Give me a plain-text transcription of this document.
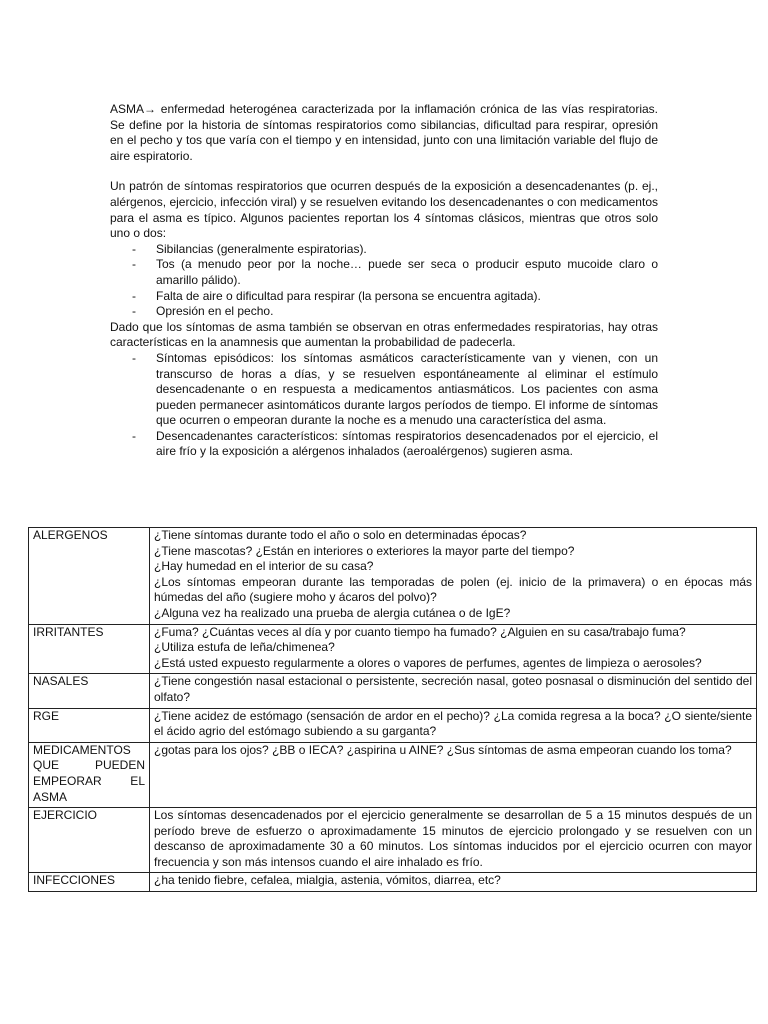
ASMA→ enfermedad heterogénea caracterizada por la inflamación crónica de las vías respiratorias. Se define por la historia de síntomas respiratorios como sibilancias, dificultad para respirar, opresión en el pecho y tos que varía con el tiempo y en intensidad, junto con una limitación variable del flujo de aire espiratorio.

Un patrón de síntomas respiratorios que ocurren después de la exposición a desencadenantes (p. ej., alérgenos, ejercicio, infección viral) y se resuelven evitando los desencadenantes o con medicamentos para el asma es típico. Algunos pacientes reportan los 4 síntomas clásicos, mientras que otros solo uno o dos:

- Sibilancias (generalmente espiratorias).
- Tos (a menudo peor por la noche… puede ser seca o producir esputo mucoide claro o amarillo pálido).
- Falta de aire o dificultad para respirar (la persona se encuentra agitada).
- Opresión en el pecho.

Dado que los síntomas de asma también se observan en otras enfermedades respiratorias, hay otras características en la anamnesis que aumentan la probabilidad de padecerla.

- Síntomas episódicos: los síntomas asmáticos característicamente van y vienen, con un transcurso de horas a días, y se resuelven espontáneamente al eliminar el estímulo desencadenante o en respuesta a medicamentos antiasmáticos. Los pacientes con asma pueden permanecer asintomáticos durante largos períodos de tiempo. El informe de síntomas que ocurren o empeoran durante la noche es a menudo una característica del asma.
- Desencadenantes característicos: síntomas respiratorios desencadenados por el ejercicio, el aire frío y la exposición a alérgenos inhalados (aeroalérgenos) sugieren asma.
ALERGENOS	¿Tiene síntomas durante todo el año o solo en determinadas épocas?
¿Tiene mascotas? ¿Están en interiores o exteriores la mayor parte del tiempo?
¿Hay humedad en el interior de su casa?
¿Los síntomas empeoran durante las temporadas de polen (ej. inicio de la primavera) o en épocas más húmedas del año (sugiere moho y ácaros del polvo)?
¿Alguna vez ha realizado una prueba de alergia cutánea o de IgE?

IRRITANTES	¿Fuma? ¿Cuántas veces al día y por cuanto tiempo ha fumado? ¿Alguien en su casa/trabajo fuma?
¿Utiliza estufa de leña/chimenea?
¿Está usted expuesto regularmente a olores o vapores de perfumes, agentes de limpieza o aerosoles?

NASALES	¿Tiene congestión nasal estacional o persistente, secreción nasal, goteo posnasal o disminución del sentido del olfato?

RGE	¿Tiene acidez de estómago (sensación de ardor en el pecho)? ¿La comida regresa a la boca? ¿O siente/siente el ácido agrio del estómago subiendo a su garganta?

MEDICAMENTOS QUE PUEDEN EMPEORAR EL ASMA	¿gotas para los ojos? ¿BB o IECA? ¿aspirina u AINE? ¿Sus síntomas de asma empeoran cuando los toma?

EJERCICIO	Los síntomas desencadenados por el ejercicio generalmente se desarrollan de 5 a 15 minutos después de un período breve de esfuerzo o aproximadamente 15 minutos de ejercicio prolongado y se resuelven con un descanso de aproximadamente 30 a 60 minutos. Los síntomas inducidos por el ejercicio ocurren con mayor frecuencia y son más intensos cuando el aire inhalado es frío.

INFECCIONES	¿ha tenido fiebre, cefalea, mialgia, astenia, vómitos, diarrea, etc?
